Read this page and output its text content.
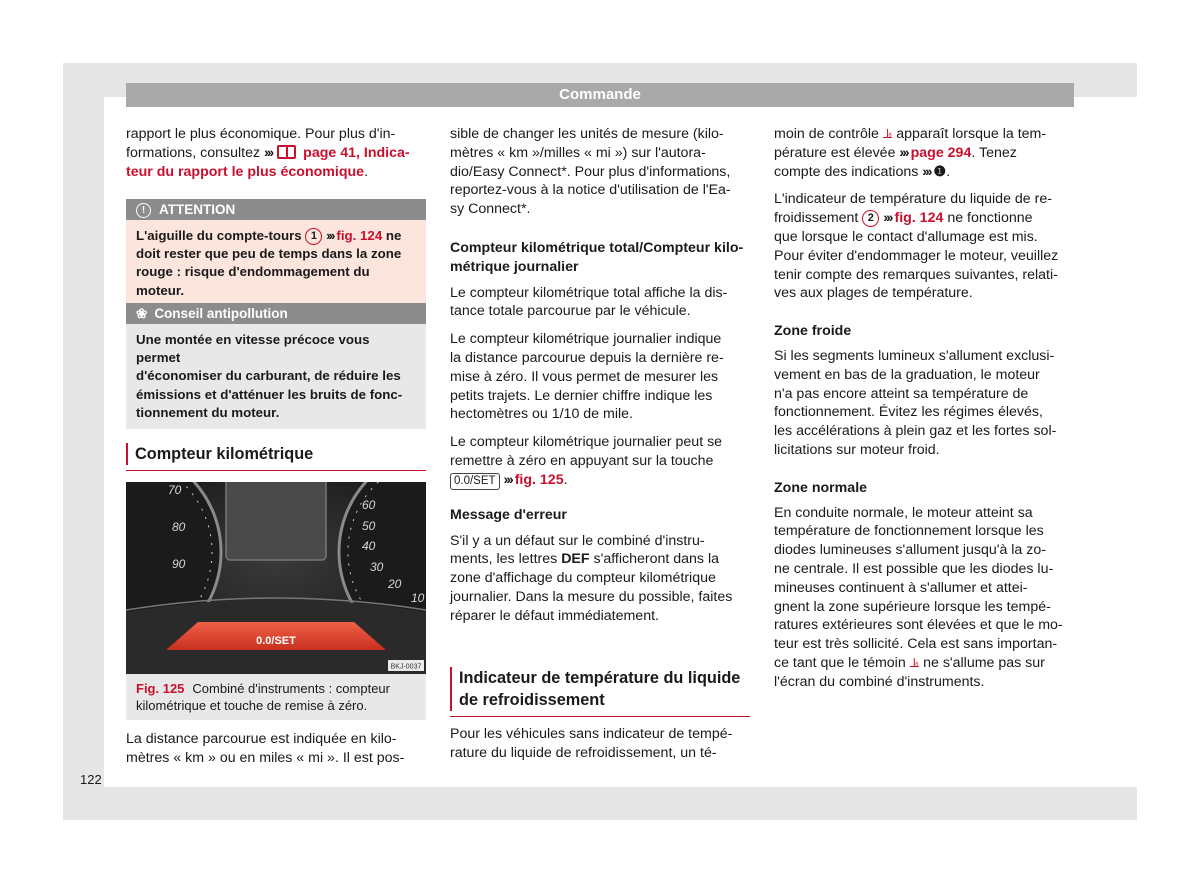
Commande
122
rapport le plus économique. Pour plus d'in-
formations, consultez ››› page 41, Indica-
teur du rapport le plus économique.
! ATTENTION
L'aiguille du compte-tours 1 ››› fig. 124 ne
doit rester que peu de temps dans la zone
rouge : risque d'endommagement du moteur.
❀ Conseil antipollution
Une montée en vitesse précoce vous permet
d'économiser du carburant, de réduire les
émissions et d'atténuer les bruits de fonc-
tionnement du moteur.
Compteur kilométrique
70
80
90
60
50
40
30
20
10
0.0/SET
BKJ-0037
Fig. 125 Combiné d'instruments : compteur
kilométrique et touche de remise à zéro.
La distance parcourue est indiquée en kilo-
mètres « km » ou en miles « mi ». Il est pos-

sible de changer les unités de mesure (kilo-
mètres « km »/milles « mi ») sur l'autora-
dio/Easy Connect*. Pour plus d'informations,
reportez-vous à la notice d'utilisation de l'Ea-
sy Connect*.

Compteur kilométrique total/Compteur kilo-
métrique journalier

Le compteur kilométrique total affiche la dis-
tance totale parcourue par le véhicule.

Le compteur kilométrique journalier indique
la distance parcourue depuis la dernière re-
mise à zéro. Il vous permet de mesurer les
petits trajets. Le dernier chiffre indique les
hectomètres ou 1/10 de mile.

Le compteur kilométrique journalier peut se
remettre à zéro en appuyant sur la touche
0.0/SET ››› fig. 125.

Message d'erreur

S'il y a un défaut sur le combiné d'instru-
ments, les lettres DEF s'afficheront dans la
zone d'affichage du compteur kilométrique
journalier. Dans la mesure du possible, faites
réparer le défaut immédiatement.

Indicateur de température du liquide
de refroidissement
Pour les véhicules sans indicateur de tempé-
rature du liquide de refroidissement, un té-

moin de contrôle ⫡ apparaît lorsque la tem-
pérature est élevée ››› page 294. Tenez
compte des indications ››› ❶.

L'indicateur de température du liquide de re-
froidissement 2 ››› fig. 124 ne fonctionne
que lorsque le contact d'allumage est mis.
Pour éviter d'endommager le moteur, veuillez
tenir compte des remarques suivantes, relati-
ves aux plages de température.

Zone froide

Si les segments lumineux s'allument exclusi-
vement en bas de la graduation, le moteur
n'a pas encore atteint sa température de
fonctionnement. Évitez les régimes élevés,
les accélérations à plein gaz et les fortes sol-
licitations sur moteur froid.

Zone normale

En conduite normale, le moteur atteint sa
température de fonctionnement lorsque les
diodes lumineuses s'allument jusqu'à la zo-
ne centrale. Il est possible que les diodes lu-
mineuses continuent à s'allumer et attei-
gnent la zone supérieure lorsque les tempé-
ratures extérieures sont élevées et que le mo-
teur est très sollicité. Cela est sans importan-
ce tant que le témoin ⫡ ne s'allume pas sur
l'écran du combiné d'instruments.
